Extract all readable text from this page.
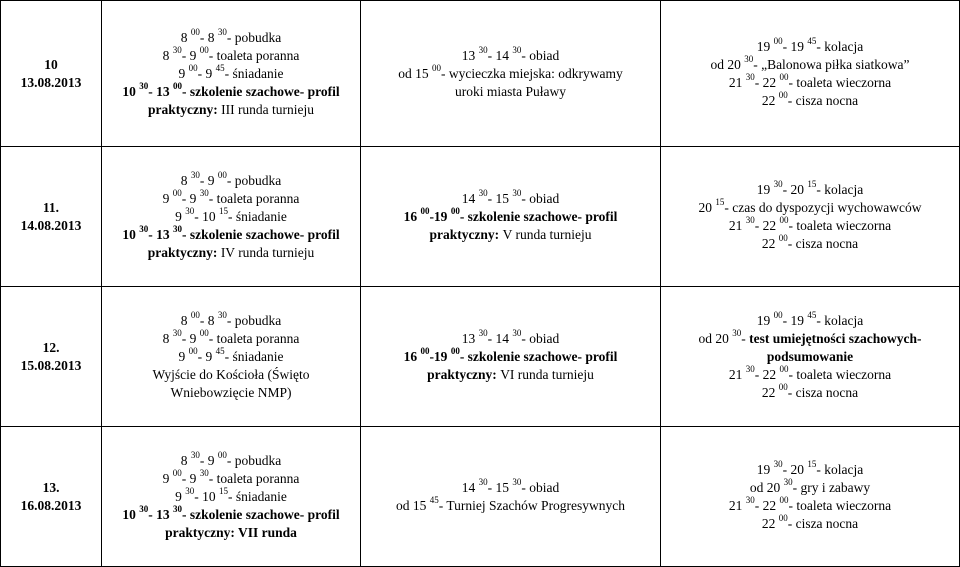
10
13.08.2013	8 $^{00}$- 8 $^{30}$- pobudka
8 $^{30}$- 9 $^{00}$- toaleta poranna
9 $^{00}$- 9 $^{45}$- śniadanie
10 $^{30}$- 13 $^{00}$- szkolenie szachowe- profil
praktyczny: III runda turnieju	13 $^{30}$- 14 $^{30}$- obiad
od 15 $^{00}$- wycieczka miejska: odkrywamy
uroki miasta Puławy	19 $^{00}$- 19 $^{45}$- kolacja
od 20 $^{30}$- „Balonowa piłka siatkowa”
21 $^{30}$- 22 $^{00}$- toaleta wieczorna
22 $^{00}$- cisza nocna

11.
14.08.2013	8 $^{30}$- 9 $^{00}$- pobudka
9 $^{00}$- 9 $^{30}$- toaleta poranna
9 $^{30}$- 10 $^{15}$- śniadanie
10 $^{30}$- 13 $^{30}$- szkolenie szachowe- profil
praktyczny: IV runda turnieju	14 $^{30}$- 15 $^{30}$- obiad
16 $^{00}$-19 $^{00}$- szkolenie szachowe- profil
praktyczny: V runda turnieju	19 $^{30}$- 20 $^{15}$- kolacja
20 $^{15}$- czas do dyspozycji wychowawców
21 $^{30}$- 22 $^{00}$- toaleta wieczorna
22 $^{00}$- cisza nocna

12.
15.08.2013	8 $^{00}$- 8 $^{30}$- pobudka
8 $^{30}$- 9 $^{00}$- toaleta poranna
9 $^{00}$- 9 $^{45}$- śniadanie
Wyjście do Kościoła (Święto
Wniebowzięcie NMP)	13 $^{30}$- 14 $^{30}$- obiad
16 $^{00}$-19 $^{00}$- szkolenie szachowe- profil
praktyczny: VI runda turnieju	19 $^{00}$- 19 $^{45}$- kolacja
od 20 $^{30}$- test umiejętności szachowych-
podsumowanie
21 $^{30}$- 22 $^{00}$- toaleta wieczorna
22 $^{00}$- cisza nocna

13.
16.08.2013	8 $^{30}$- 9 $^{00}$- pobudka
9 $^{00}$- 9 $^{30}$- toaleta poranna
9 $^{30}$- 10 $^{15}$- śniadanie
10 $^{30}$- 13 $^{30}$- szkolenie szachowe- profil
praktyczny: VII runda	14 $^{30}$- 15 $^{30}$- obiad
od 15 $^{45}$- Turniej Szachów Progresywnych	19 $^{30}$- 20 $^{15}$- kolacja
od 20 $^{30}$- gry i zabawy
21 $^{30}$- 22 $^{00}$- toaleta wieczorna
22 $^{00}$- cisza nocna
